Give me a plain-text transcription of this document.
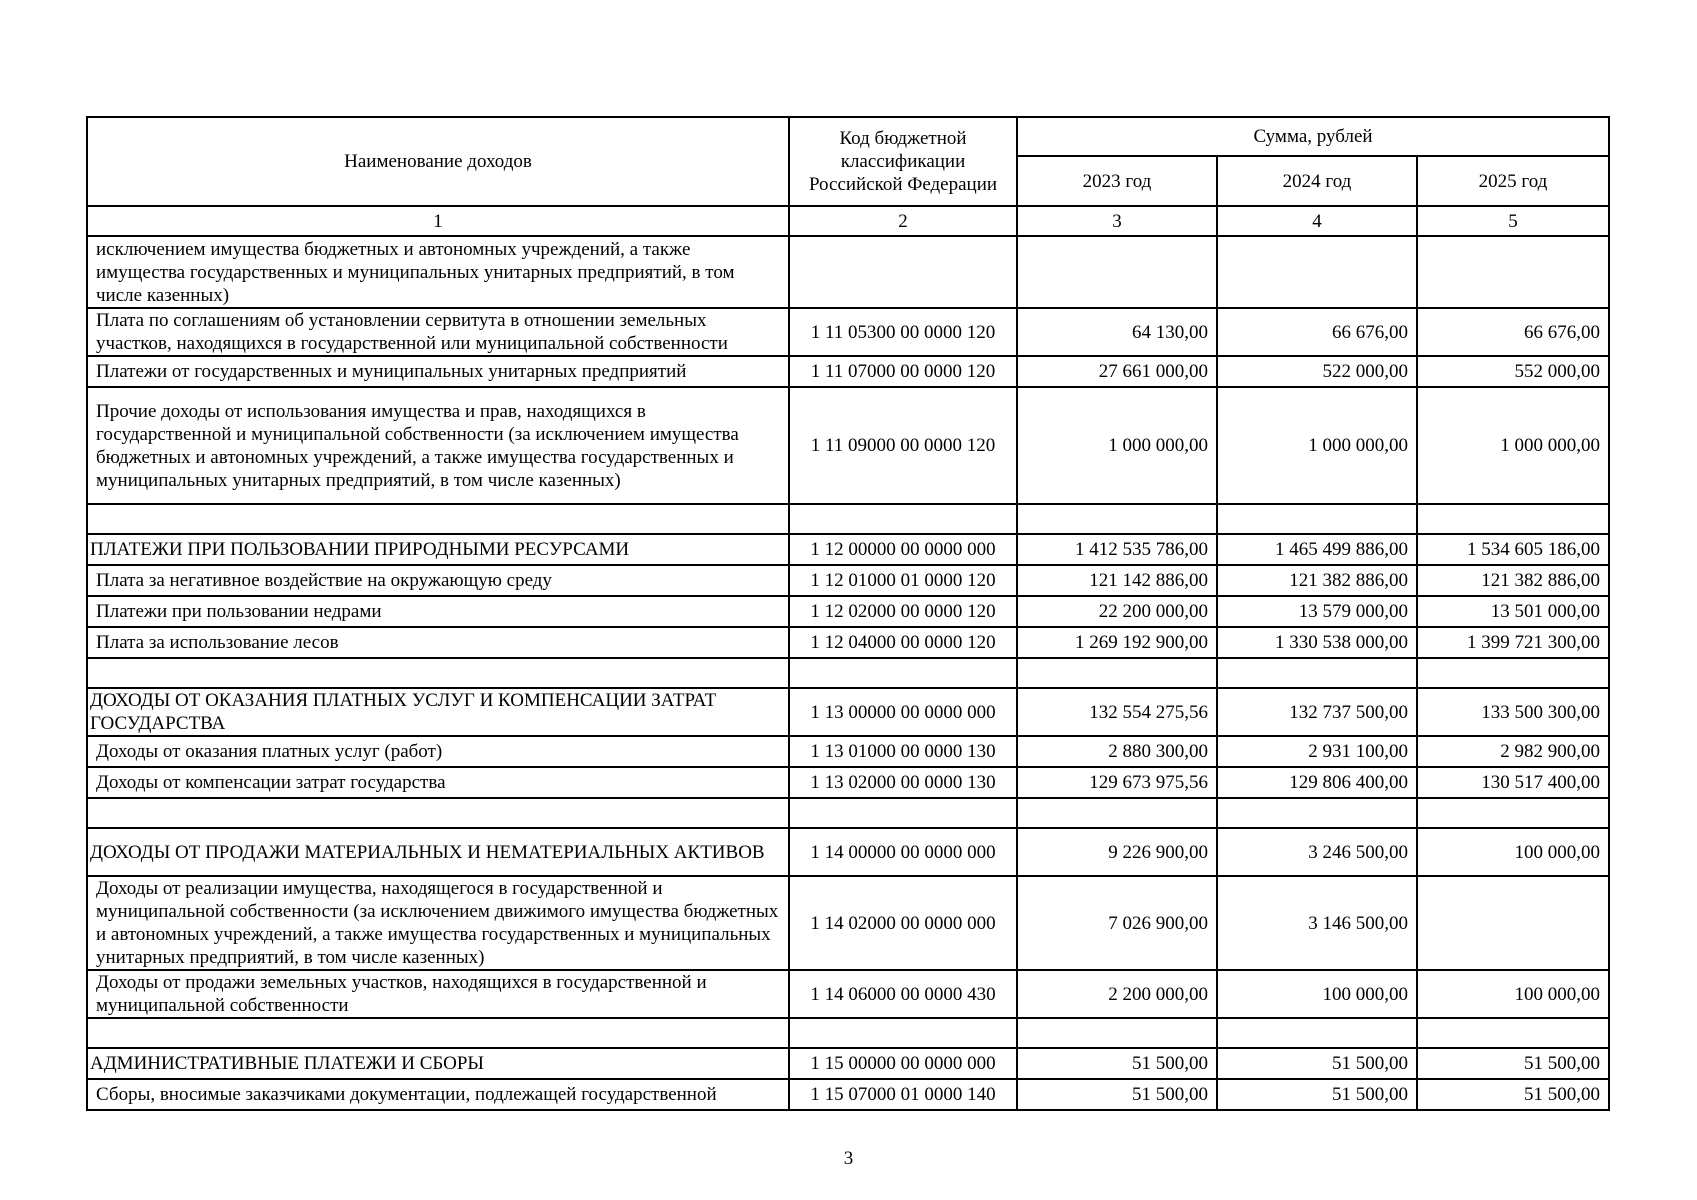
Наименование доходов	Код бюджетной классификации Российской Федерации	Сумма, рублей		
		2023 год	2024 год	2025 год
1	2	3	4	5
исключением имущества бюджетных и автономных учреждений, а также имущества государственных и муниципальных унитарных предприятий, в том числе казенных)				
Плата по соглашениям об установлении сервитута в отношении земельных участков, находящихся в государственной или муниципальной собственности	1 11 05300 00 0000 120	64 130,00	66 676,00	66 676,00
Платежи от государственных и муниципальных унитарных предприятий	1 11 07000 00 0000 120	27 661 000,00	522 000,00	552 000,00
Прочие доходы от использования имущества и прав, находящихся в государственной и муниципальной собственности (за исключением имущества бюджетных и автономных учреждений, а также имущества государственных и муниципальных унитарных предприятий, в том числе казенных)	1 11 09000 00 0000 120	1 000 000,00	1 000 000,00	1 000 000,00

ПЛАТЕЖИ ПРИ ПОЛЬЗОВАНИИ ПРИРОДНЫМИ РЕСУРСАМИ	1 12 00000 00 0000 000	1 412 535 786,00	1 465 499 886,00	1 534 605 186,00
Плата за негативное воздействие на окружающую среду	1 12 01000 01 0000 120	121 142 886,00	121 382 886,00	121 382 886,00
Платежи при пользовании недрами	1 12 02000 00 0000 120	22 200 000,00	13 579 000,00	13 501 000,00
Плата за использование лесов	1 12 04000 00 0000 120	1 269 192 900,00	1 330 538 000,00	1 399 721 300,00

ДОХОДЫ ОТ ОКАЗАНИЯ ПЛАТНЫХ УСЛУГ И КОМПЕНСАЦИИ ЗАТРАТ ГОСУДАРСТВА	1 13 00000 00 0000 000	132 554 275,56	132 737 500,00	133 500 300,00
Доходы от оказания платных услуг (работ)	1 13 01000 00 0000 130	2 880 300,00	2 931 100,00	2 982 900,00
Доходы от компенсации затрат государства	1 13 02000 00 0000 130	129 673 975,56	129 806 400,00	130 517 400,00

ДОХОДЫ ОТ ПРОДАЖИ МАТЕРИАЛЬНЫХ И НЕМАТЕРИАЛЬНЫХ АКТИВОВ	1 14 00000 00 0000 000	9 226 900,00	3 246 500,00	100 000,00
Доходы от реализации имущества, находящегося в государственной и муниципальной собственности (за исключением движимого имущества бюджетных и автономных учреждений, а также имущества государственных и муниципальных унитарных предприятий, в том числе казенных)	1 14 02000 00 0000 000	7 026 900,00	3 146 500,00	
Доходы от продажи земельных участков, находящихся в государственной и муниципальной собственности	1 14 06000 00 0000 430	2 200 000,00	100 000,00	100 000,00

АДМИНИСТРАТИВНЫЕ ПЛАТЕЖИ И СБОРЫ	1 15 00000 00 0000 000	51 500,00	51 500,00	51 500,00
Сборы, вносимые заказчиками документации, подлежащей государственной	1 15 07000 01 0000 140	51 500,00	51 500,00	51 500,00
3
